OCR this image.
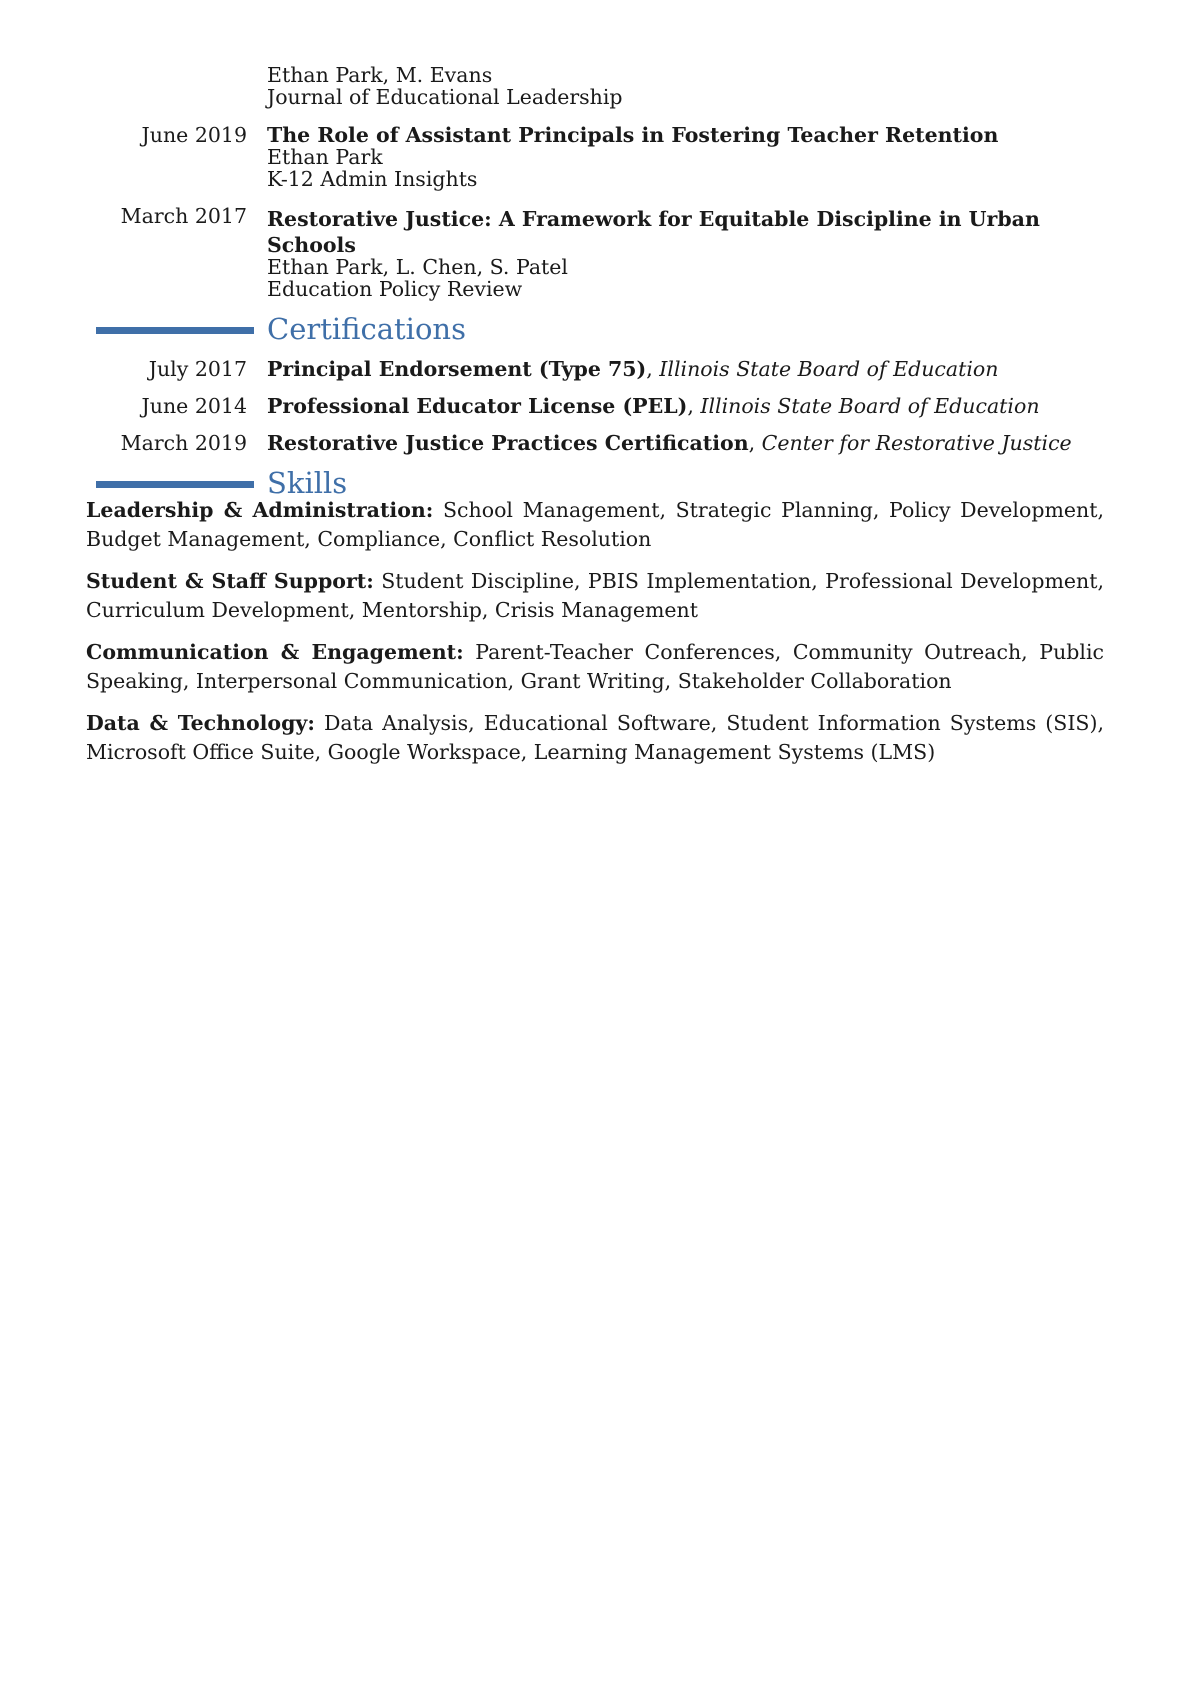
Ethan Park, M. Evans
Journal of Educational Leadership
June 2019 The Role of Assistant Principals in Fostering Teacher Retention
Ethan Park
K-12 Admin Insights
March 2017 Restorative Justice: A Framework for Equitable Discipline in Urban
Schools
Ethan Park, L. Chen, S. Patel
Education Policy Review
Certifications
July 2017 Principal Endorsement (Type 75), Illinois State Board of Education
June 2014 Professional Educator License (PEL), Illinois State Board of Education
March 2019 Restorative Justice Practices Certification, Center for Restorative Justice
Skills
Leadership & Administration: School Management, Strategic Planning, Policy Development, Budget Management, Compliance, Conflict Resolution
Student & Staff Support: Student Discipline, PBIS Implementation, Professional Development, Curriculum Development, Mentorship, Crisis Management
Communication & Engagement: Parent-Teacher Conferences, Community Outreach, Public Speaking, Interpersonal Communication, Grant Writing, Stakeholder Collaboration
Data & Technology: Data Analysis, Educational Software, Student Information Systems (SIS), Microsoft Office Suite, Google Workspace, Learning Management Systems (LMS)
